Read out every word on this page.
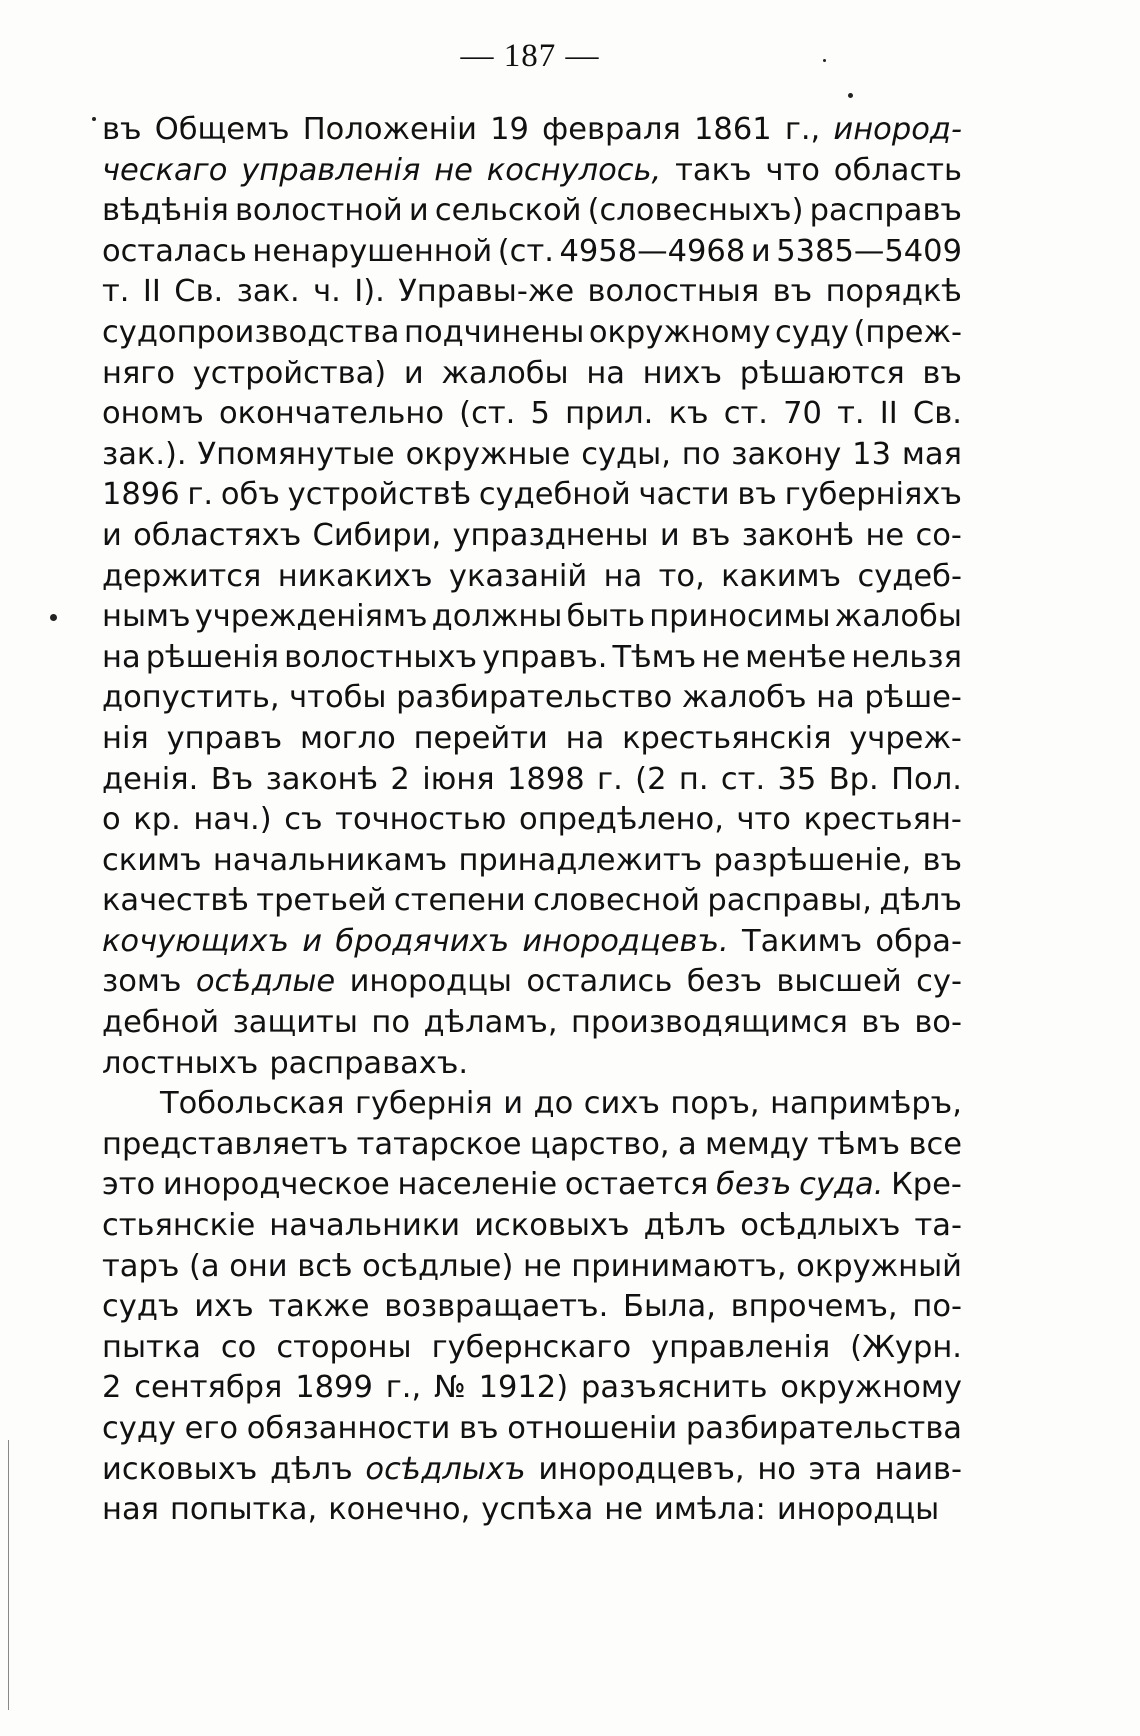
— 187 —
въ Общемъ Положеніи 19 февраля 1861 г., инород-
ческаго управленія не коснулось, такъ что область
вѣдѣнія волостной и сельской (словесныхъ) расправъ
осталась ненарушенной (ст. 4958—4968 и 5385—5409
т. II Св. зак. ч. I). Управы-же волостныя въ порядкѣ
судопроизводства подчинены окружному суду (преж-
няго устройства) и жалобы на нихъ рѣшаются въ
ономъ окончательно (ст. 5 прил. къ ст. 70 т. II Св.
зак.). Упомянутые окружные суды, по закону 13 мая
1896 г. объ устройствѣ судебной части въ губерніяхъ
и областяхъ Сибири, упразднены и въ законѣ не со-
держится никакихъ указаній на то, какимъ судеб-
нымъ учрежденіямъ должны быть приносимы жалобы
на рѣшенія волостныхъ управъ. Тѣмъ не менѣе нельзя
допустить, чтобы разбирательство жалобъ на рѣше-
нія управъ могло перейти на крестьянскія учреж-
денія. Въ законѣ 2 іюня 1898 г. (2 п. ст. 35 Вр. Пол.
о кр. нач.) съ точностью опредѣлено, что крестьян-
скимъ начальникамъ принадлежитъ разрѣшеніе, въ
качествѣ третьей степени словесной расправы, дѣлъ
кочующихъ и бродячихъ инородцевъ. Такимъ обра-
зомъ осѣдлые инородцы остались безъ высшей су-
дебной защиты по дѣламъ, производящимся въ во-
лостныхъ расправахъ.
Тобольская губернія и до сихъ поръ, напримѣръ,
представляетъ татарское царство, а мемду тѣмъ все
это инородческое населеніе остается безъ суда. Кре-
стьянскіе начальники исковыхъ дѣлъ осѣдлыхъ та-
таръ (а они всѣ осѣдлые) не принимаютъ, окружный
судъ ихъ также возвращаетъ. Была, впрочемъ, по-
пытка со стороны губернскаго управленія (Журн.
2 сентября 1899 г., № 1912) разъяснить окружному
суду его обязанности въ отношеніи разбирательства
исковыхъ дѣлъ осѣдлыхъ инородцевъ, но эта наив-
ная попытка, конечно, успѣха не имѣла: инородцы
